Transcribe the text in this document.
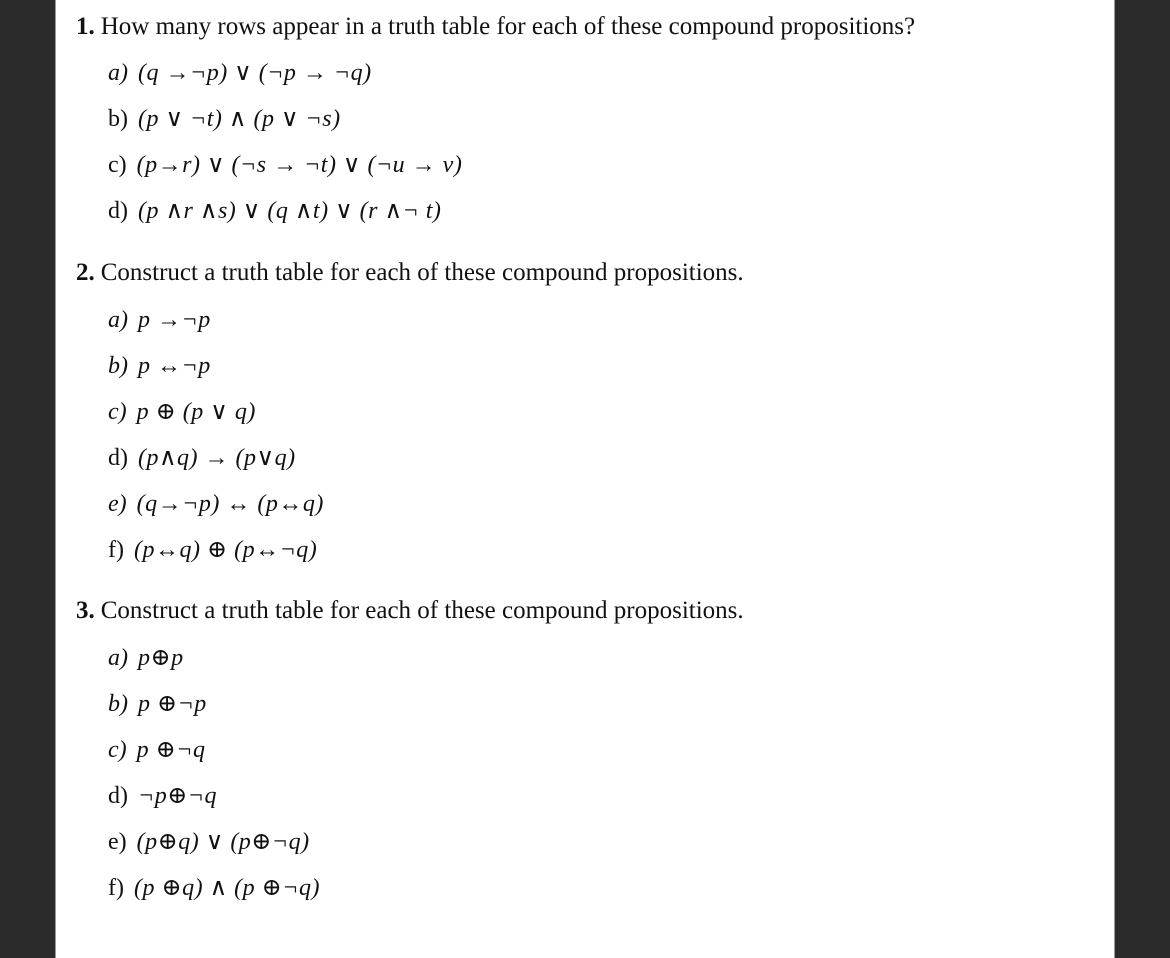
1. How many rows appear in a truth table for each of these compound propositions?
a) (q →¬p) ∨ (¬p → ¬q)
b) (p ∨ ¬t) ∧ (p ∨ ¬s)
c) (p→r) ∨ (¬s → ¬t) ∨ (¬u → v)
d) (p ∧r ∧s) ∨ (q ∧t) ∨ (r ∧¬ t)
2. Construct a truth table for each of these compound propositions.
a) p →¬p
b) p ↔¬p
c) p ⊕ (p ∨ q)
d) (p∧q) → (p∨q)
e) (q→¬p) ↔ (p↔q)
f) (p↔q) ⊕ (p↔¬q)
3. Construct a truth table for each of these compound propositions.
a) p⊕p
b) p ⊕¬p
c) p ⊕¬q
d) ¬p⊕¬q
e) (p⊕q) ∨ (p⊕¬q)
f) (p ⊕q) ∧ (p ⊕¬q)
